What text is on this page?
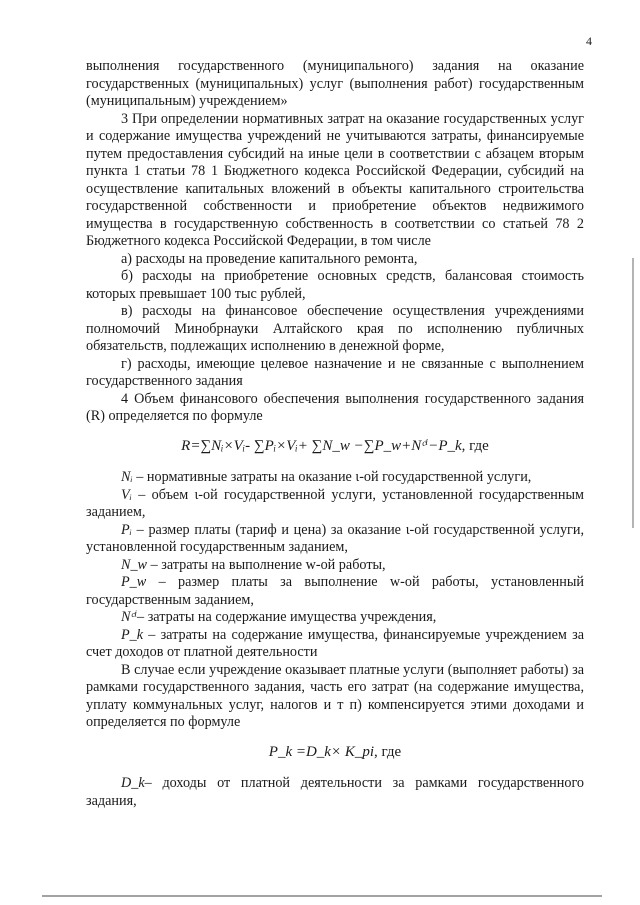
4

выполнения государственного (муниципального) задания на оказание государственных (муниципальных) услуг (выполнения работ) государственным (муниципальным) учреждением»

3 При определении нормативных затрат на оказание государственных услуг и содержание имущества учреждений не учитываются затраты, финансируемые путем предоставления субсидий на иные цели в соответствии с абзацем вторым пункта 1 статьи 78 1 Бюджетного кодекса Российской Федерации, субсидий на осуществление капитальных вложений в объекты капитального строительства государственной собственности и приобретение объектов недвижимого имущества в государственную собственность в соответствии со статьей 78 2 Бюджетного кодекса Российской Федерации, в том числе

а) расходы на проведение капитального ремонта,

б) расходы на приобретение основных средств, балансовая стоимость которых превышает 100 тыс рублей,

в) расходы на финансовое обеспечение осуществления учреждениями полномочий Минобрнауки Алтайского края по исполнению публичных обязательств, подлежащих исполнению в денежной форме,

г) расходы, имеющие целевое назначение и не связанные с выполнением государственного задания

4 Объем финансового обеспечения выполнения государственного задания (R) определяется по формуле

R=∑Nᵢ×Vᵢ- ∑Pᵢ×Vᵢ+ ∑N_w −∑P_w+Nᶜⁱ−P_k, где

Nᵢ – нормативные затраты на оказание ι-ой государственной услуги,

Vᵢ – объем ι-ой государственной услуги, установленной государственным заданием,

Pᵢ – размер платы (тариф и цена) за оказание ι-ой государственной услуги, установленной государственным заданием,

N_w – затраты на выполнение w-ой работы,

P_w – размер платы за выполнение w-ой работы, установленный государственным заданием,

Nᶜⁱ– затраты на содержание имущества учреждения,

P_k – затраты на содержание имущества, финансируемые учреждением за счет доходов от платной деятельности

В случае если учреждение оказывает платные услуги (выполняет работы) за рамками государственного задания, часть его затрат (на содержание имущества, уплату коммунальных услуг, налогов и т п) компенсируется этими доходами и определяется по формуле

P_k =D_k× K_pi, где

D_k– доходы от платной деятельности за рамками государственного задания,
